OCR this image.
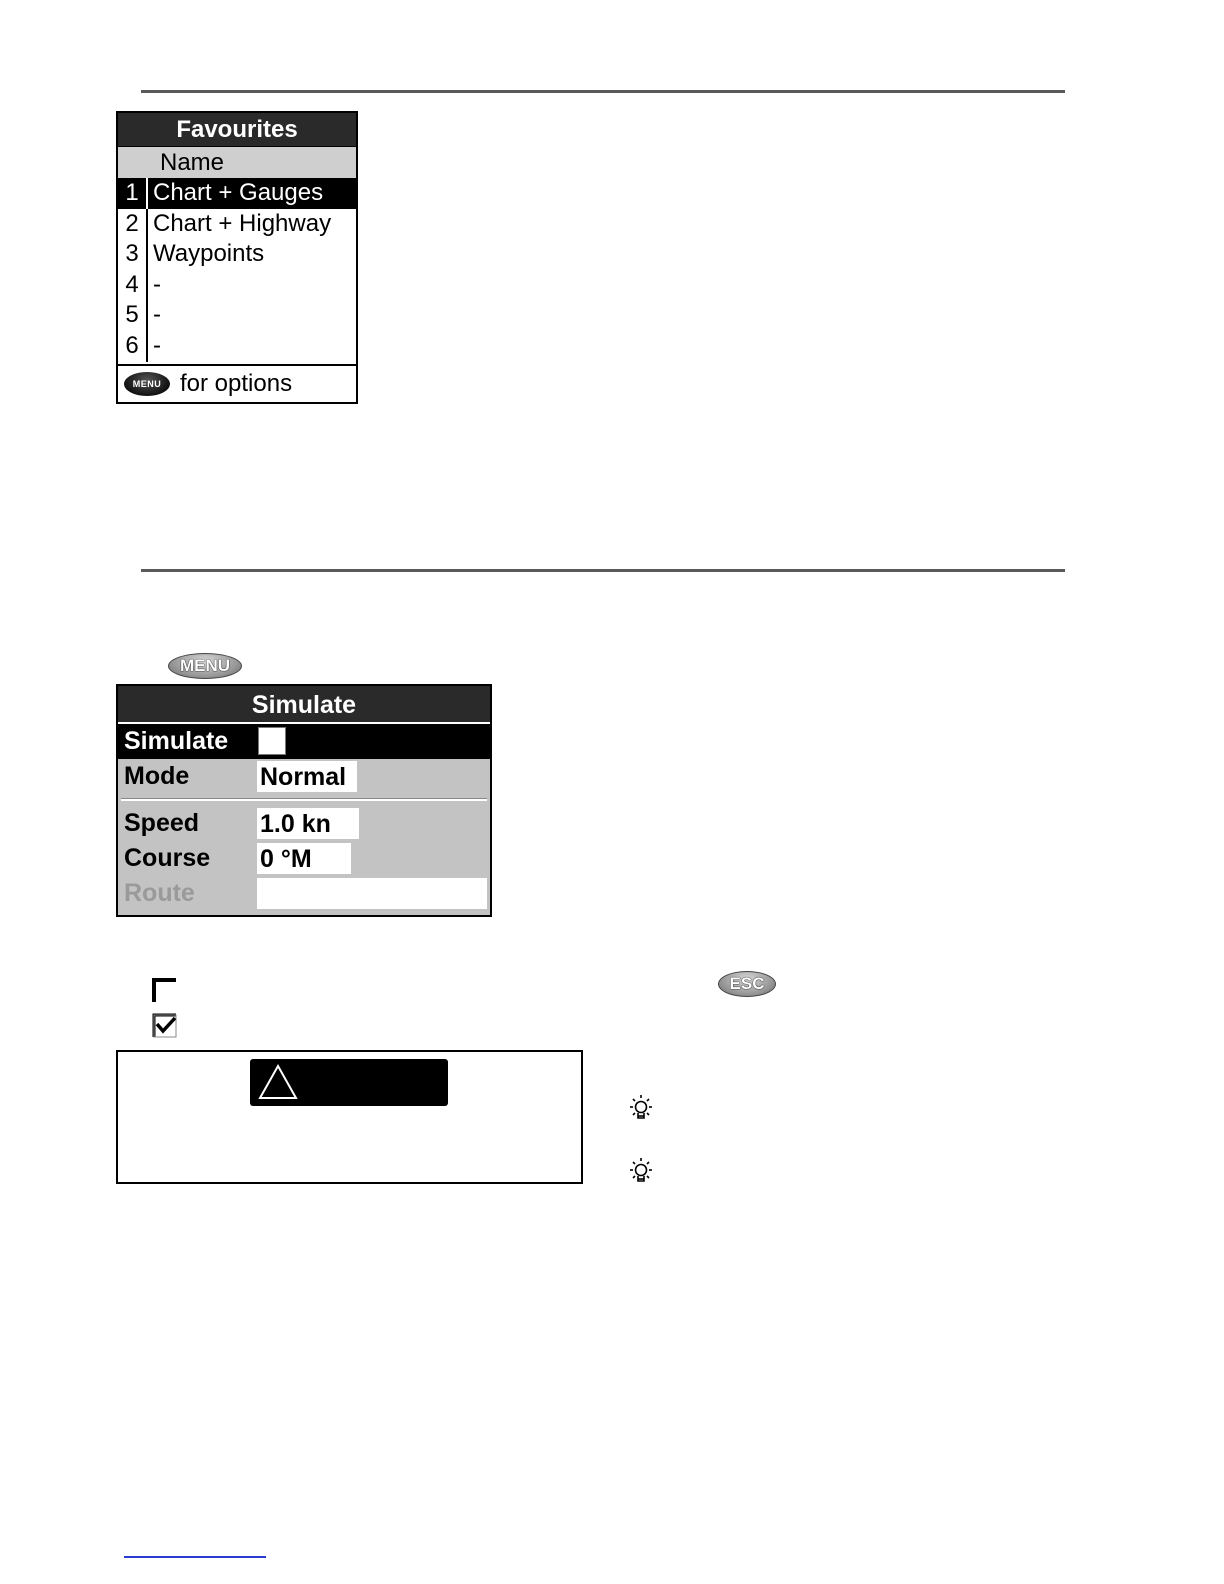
Favourites
Name
1 Chart + Gauges
2 Chart + Highway
3 Waypoints
4 -
5 -
6 -
MENU for options
MENU
Simulate
Simulate
Mode	Normal
Speed 1.0 kn
Course 0 °M
Route
ESC
